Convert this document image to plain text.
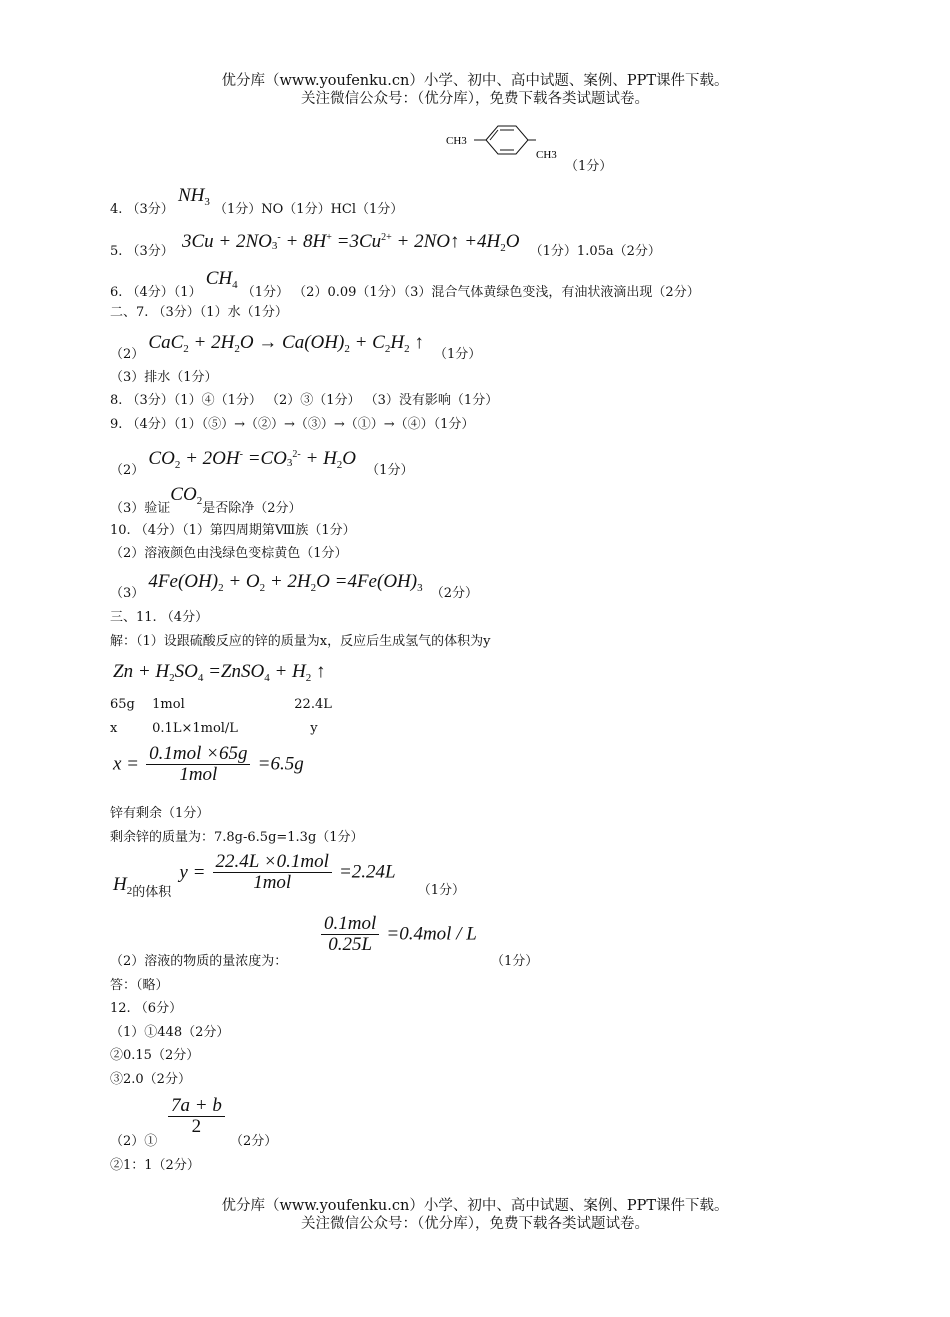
优分库（www.youfenku.cn）小学、初中、高中试题、案例、PPT课件下载。
关注微信公众号：（优分库），免费下载各类试题试卷。
CH3
CH3
（1分）
4. （3分） $NH_3$ （1分）NO（1分）HCl（1分）
5. （3分） $3Cu + 2NO_3^- + 8H^+ =3Cu^{2+}$ + 2NO↑ $+4H_2O$ （1分）1.05a（2分）
6. （4分）（1） $CH_4$ （1分） （2）0.09（1分）（3）混合气体黄绿色变浅，有油状液滴出现（2分）
二、7. （3分）（1）水（1分）
（2） $CaC_2 + 2H_2O \to Ca(OH)_2 + C_2H_2$ ↑ （1分）
（3）排水（1分）
8. （3分）（1）④（1分） （2）③（1分） （3）没有影响（1分）
9. （4分）（1）（⑤）→（②）→（③）→（①）→（④）（1分）
（2） $CO_2 + 2OH^- =CO_3^{2-} + H_2O$ （1分）
（3）验证$CO_2$是否除净（2分）
10. （4分）（1）第四周期第Ⅷ族（1分）
（2）溶液颜色由浅绿色变棕黄色（1分）
（3） $4Fe(OH)_2 + O_2 + 2H_2O =4Fe(OH)_3$ （2分）
三、11. （4分）
解：（1）设跟硫酸反应的锌的质量为x，反应后生成氢气的体积为y
$Zn + H_2SO_4$ =ZnSO$_4$ + $H_2$ ↑
65g 1mol	22.4L
x	0.1L×1mol/L	y
$x = \frac{\text{0.1mol ×65g}}{\text{1mol}} =6.5g$
锌有剩余（1分）
剩余锌的质量为：7.8g-6.5g=1.3g（1分）
$H_2$的体积 $y = \frac{\text{22.4L ×0.1mol}}{\text{1mol}} =2.24L$ （1分）
$\frac{\text{0.1mol}}{0.25L} =0.4mol / L$
（2）溶液的物质的量浓度为：	（1分）
答：（略）
12. （6分）
（1）①448（2分）
②0.15（2分）
③2.0（2分）
$\frac{7a + b}{2}$
（2）①	（2分）
②1：1（2分）
优分库（www.youfenku.cn）小学、初中、高中试题、案例、PPT课件下载。
关注微信公众号：（优分库），免费下载各类试题试卷。
